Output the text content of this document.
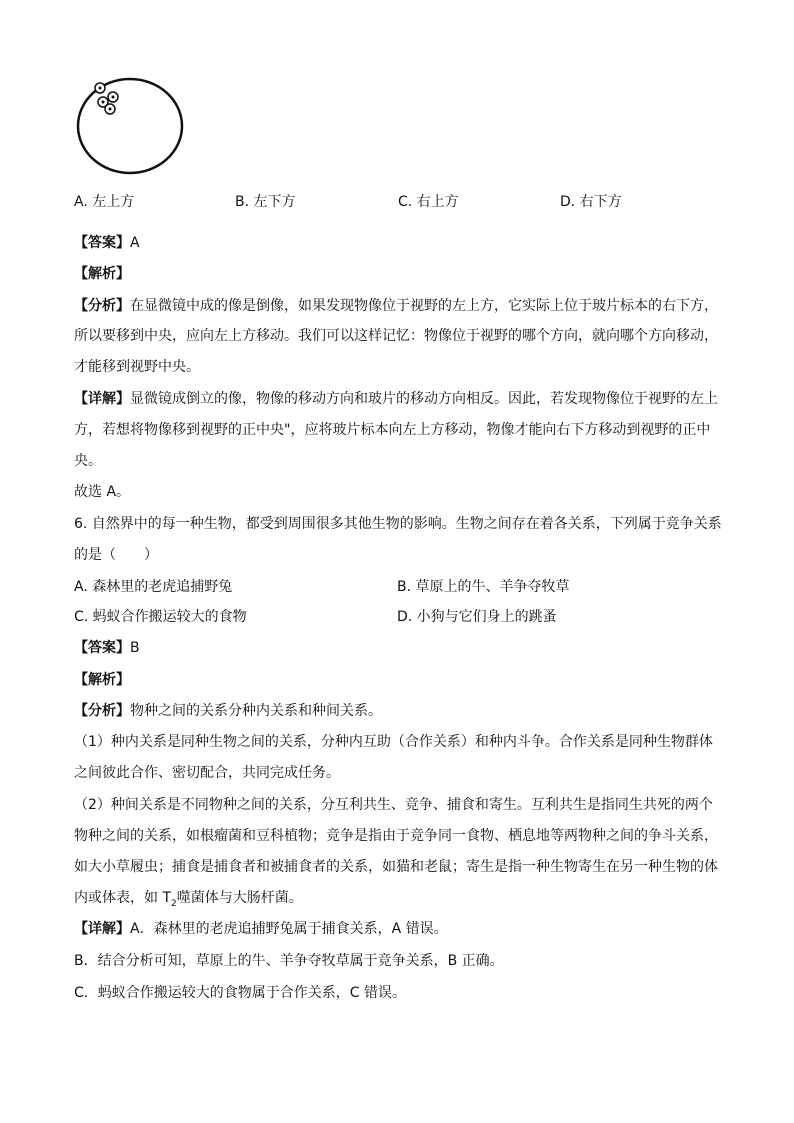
A. 左上方	B. 左下方	C. 右上方	D. 右下方
【答案】A
【解析】
【分析】在显微镜中成的像是倒像，如果发现物像位于视野的左上方，它实际上位于玻片标本的右下方，
所以要移到中央，应向左上方移动。我们可以这样记忆：物像位于视野的哪个方向，就向哪个方向移动，
才能移到视野中央。
【详解】显微镜成倒立的像，物像的移动方向和玻片的移动方向相反。因此，若发现物像位于视野的左上
方，若想将物像移到视野的正中央"，应将玻片标本向左上方移动，物像才能向右下方移动到视野的正中
央。
故选 A。
6. 自然界中的每一种生物，都受到周围很多其他生物的影响。生物之间存在着各关系，下列属于竞争关系
的是（　　）
A. 森林里的老虎追捕野兔	B. 草原上的牛、羊争夺牧草
C. 蚂蚁合作搬运较大的食物	D. 小狗与它们身上的跳蚤
【答案】B
【解析】
【分析】物种之间的关系分种内关系和种间关系。
（1）种内关系是同种生物之间的关系，分种内互助（合作关系）和种内斗争。合作关系是同种生物群体
之间彼此合作、密切配合，共同完成任务。
（2）种间关系是不同物种之间的关系，分互利共生、竞争、捕食和寄生。互利共生是指同生共死的两个
物种之间的关系，如根瘤菌和豆科植物；竞争是指由于竞争同一食物、栖息地等两物种之间的争斗关系，
如大小草履虫；捕食是捕食者和被捕食者的关系，如猫和老鼠；寄生是指一种生物寄生在另一种生物的体
内或体表，如 $T_2$噬菌体与大肠杆菌。
【详解】A．森林里的老虎追捕野兔属于捕食关系，A 错误。
B．结合分析可知，草原上的牛、羊争夺牧草属于竞争关系，B 正确。
C．蚂蚁合作搬运较大的食物属于合作关系，C 错误。
